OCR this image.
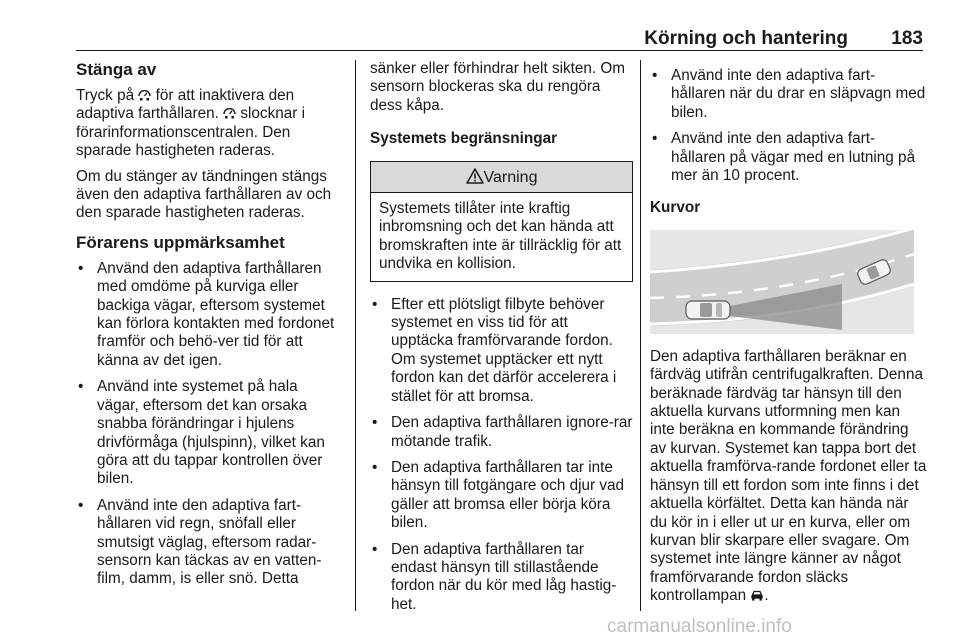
Körning och hantering 183
Stänga av

Tryck på för att inaktivera den adaptiva farthållaren. slocknar i förarinformationscentralen. Den sparade hastigheten raderas.

Om du stänger av tändningen stängs även den adaptiva farthållaren av och den sparade hastigheten raderas.

Förarens uppmärksamhet
• Använd den adaptiva farthållaren med omdöme på kurviga eller backiga vägar, eftersom systemet kan förlora kontakten med fordonet framför och behö-ver tid för att känna av det igen.
• Använd inte systemet på hala vägar, eftersom det kan orsaka snabba förändringar i hjulens drivförmåga (hjulspinn), vilket kan göra att du tappar kontrollen över bilen.
• Använd inte den adaptiva fart-hållaren vid regn, snöfall eller smutsigt väglag, eftersom radar-sensorn kan täckas av en vatten-film, damm, is eller snö. Detta

sänker eller förhindrar helt sikten. Om sensorn blockeras ska du rengöra dess kåpa.

Systemets begränsningar
Varning
Systemets tillåter inte kraftig inbromsning och det kan hända att bromskraften inte är tillräcklig för att undvika en kollision.
• Efter ett plötsligt filbyte behöver systemet en viss tid för att upptäcka framförvarande fordon. Om systemet upptäcker ett nytt fordon kan det därför accelerera i stället för att bromsa.
• Den adaptiva farthållaren ignore-rar mötande trafik.
• Den adaptiva farthållaren tar inte hänsyn till fotgängare och djur vad gäller att bromsa eller börja köra bilen.
• Den adaptiva farthållaren tar endast hänsyn till stillastående fordon när du kör med låg hastig-het.
• Använd inte den adaptiva fart-hållaren när du drar en släpvagn med bilen.
• Använd inte den adaptiva fart-hållaren på vägar med en lutning på mer än 10 procent.
Kurvor

Den adaptiva farthållaren beräknar en färdväg utifrån centrifugalkraften. Denna beräknade färdväg tar hänsyn till den aktuella kurvans utformning men kan inte beräkna en kommande förändring av kurvan. Systemet kan tappa bort det aktuella framförva-rande fordonet eller ta hänsyn till ett fordon som inte finns i det aktuella körfältet. Detta kan hända när du kör in i eller ut ur en kurva, eller om kurvan blir skarpare eller svagare. Om systemet inte längre känner av något framförvarande fordon släcks kontrollampan .

carmanualsonline.info
